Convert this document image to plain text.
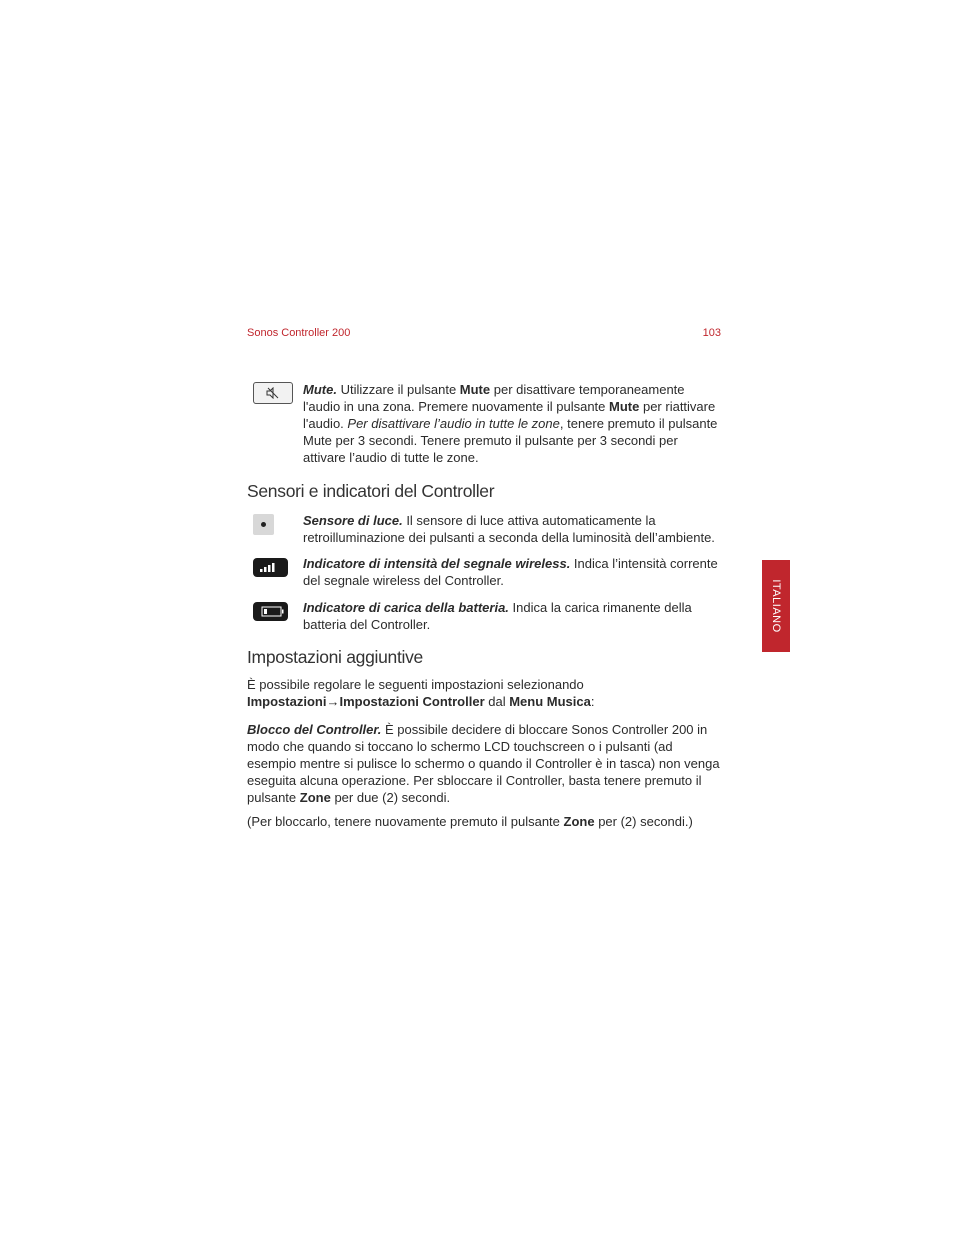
Sonos Controller 200	103
Mute. Utilizzare il pulsante Mute per disattivare temporaneamente l'audio in una zona. Premere nuovamente il pulsante Mute per riattivare l'audio. Per disattivare l’audio in tutte le zone, tenere premuto il pulsante Mute per 3 secondi. Tenere premuto il pulsante per 3 secondi per attivare l’audio di tutte le zone.
Sensori e indicatori del Controller
Sensore di luce. Il sensore di luce attiva automaticamente la retroilluminazione dei pulsanti a seconda della luminosità dell’ambiente.
Indicatore di intensità del segnale wireless. Indica l’intensità corrente del segnale wireless del Controller.
Indicatore di carica della batteria. Indica la carica rimanente della batteria del Controller.
Impostazioni aggiuntive
È possibile regolare le seguenti impostazioni selezionando Impostazioni→Impostazioni Controller dal Menu Musica:
Blocco del Controller. È possibile decidere di bloccare Sonos Controller 200 in modo che quando si toccano lo schermo LCD touchscreen o i pulsanti (ad esempio mentre si pulisce lo schermo o quando il Controller è in tasca) non venga eseguita alcuna operazione. Per sbloccare il Controller, basta tenere premuto il pulsante Zone per due (2) secondi.
(Per bloccarlo, tenere nuovamente premuto il pulsante Zone per (2) secondi.)
ITALIANO
